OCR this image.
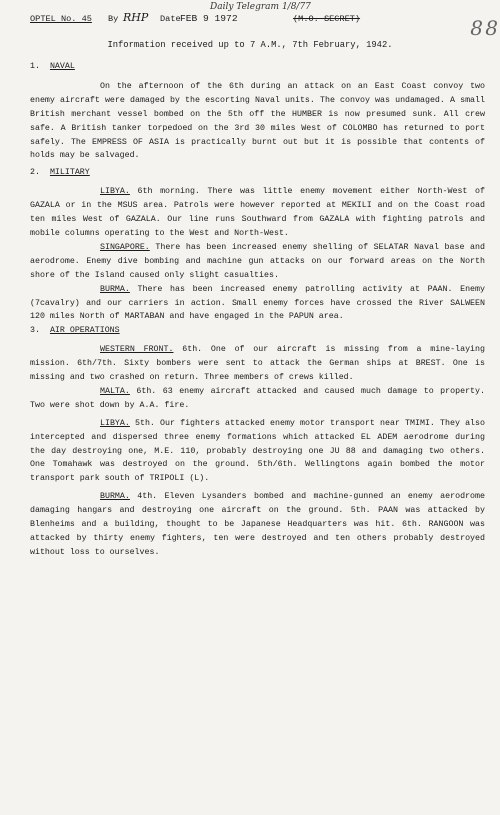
Daily Telegram 1/8/77
8 8
OPTEL No. 45 By RHP Date FEB 9 1972	(M.O. SECRET)
Information received up to 7 A.M., 7th February, 1942.
1. NAVAL

On the afternoon of the 6th during an attack on an East Coast convoy two enemy aircraft were damaged by the escorting Naval units. The convoy was undamaged. A small British merchant vessel bombed on the 5th off the HUMBER is now presumed sunk. All crew safe. A British tanker torpedoed on the 3rd 30 miles West of COLOMBO has returned to port safely. The EMPRESS OF ASIA is practically burnt out but it is possible that contents of holds may be salvaged.

2. MILITARY

LIBYA. 6th morning. There was little enemy movement either North-West of GAZALA or in the MSUS area. Patrols were however reported at MEKILI and on the Coast road ten miles West of GAZALA. Our line runs Southward from GAZALA with fighting patrols and mobile columns operating to the West and North-West.

SINGAPORE. There has been increased enemy shelling of SELATAR Naval base and aerodrome. Enemy dive bombing and machine gun attacks on our forward areas on the North shore of the Island caused only slight casualties.

BURMA. There has been increased enemy patrolling activity at PAAN. Enemy (7cavalry) and our carriers in action. Small enemy forces have crossed the River SALWEEN 120 miles North of MARTABAN and have engaged in the PAPUN area.

3. AIR OPERATIONS

WESTERN FRONT. 6th. One of our aircraft is missing from a mine-laying mission. 6th/7th. Sixty bombers were sent to attack the German ships at BREST. One is missing and two crashed on return. Three members of crews killed.

MALTA. 6th. 63 enemy aircraft attacked and caused much damage to property. Two were shot down by A.A. fire.

LIBYA. 5th. Our fighters attacked enemy motor transport near TMIMI. They also intercepted and dispersed three enemy formations which attacked EL ADEM aerodrome during the day destroying one, M.E. 110, probably destroying one JU 88 and damaging two others. One Tomahawk was destroyed on the ground. 5th/6th. Wellingtons again bombed the motor transport park south of TRIPOLI (L).

BURMA. 4th. Eleven Lysanders bombed and machine-gunned an enemy aerodrome damaging hangars and destroying one aircraft on the ground. 5th. PAAN was attacked by Blenheims and a building, thought to be Japanese Headquarters was hit. 6th. RANGOON was attacked by thirty enemy fighters, ten were destroyed and ten others probably destroyed without loss to ourselves.
